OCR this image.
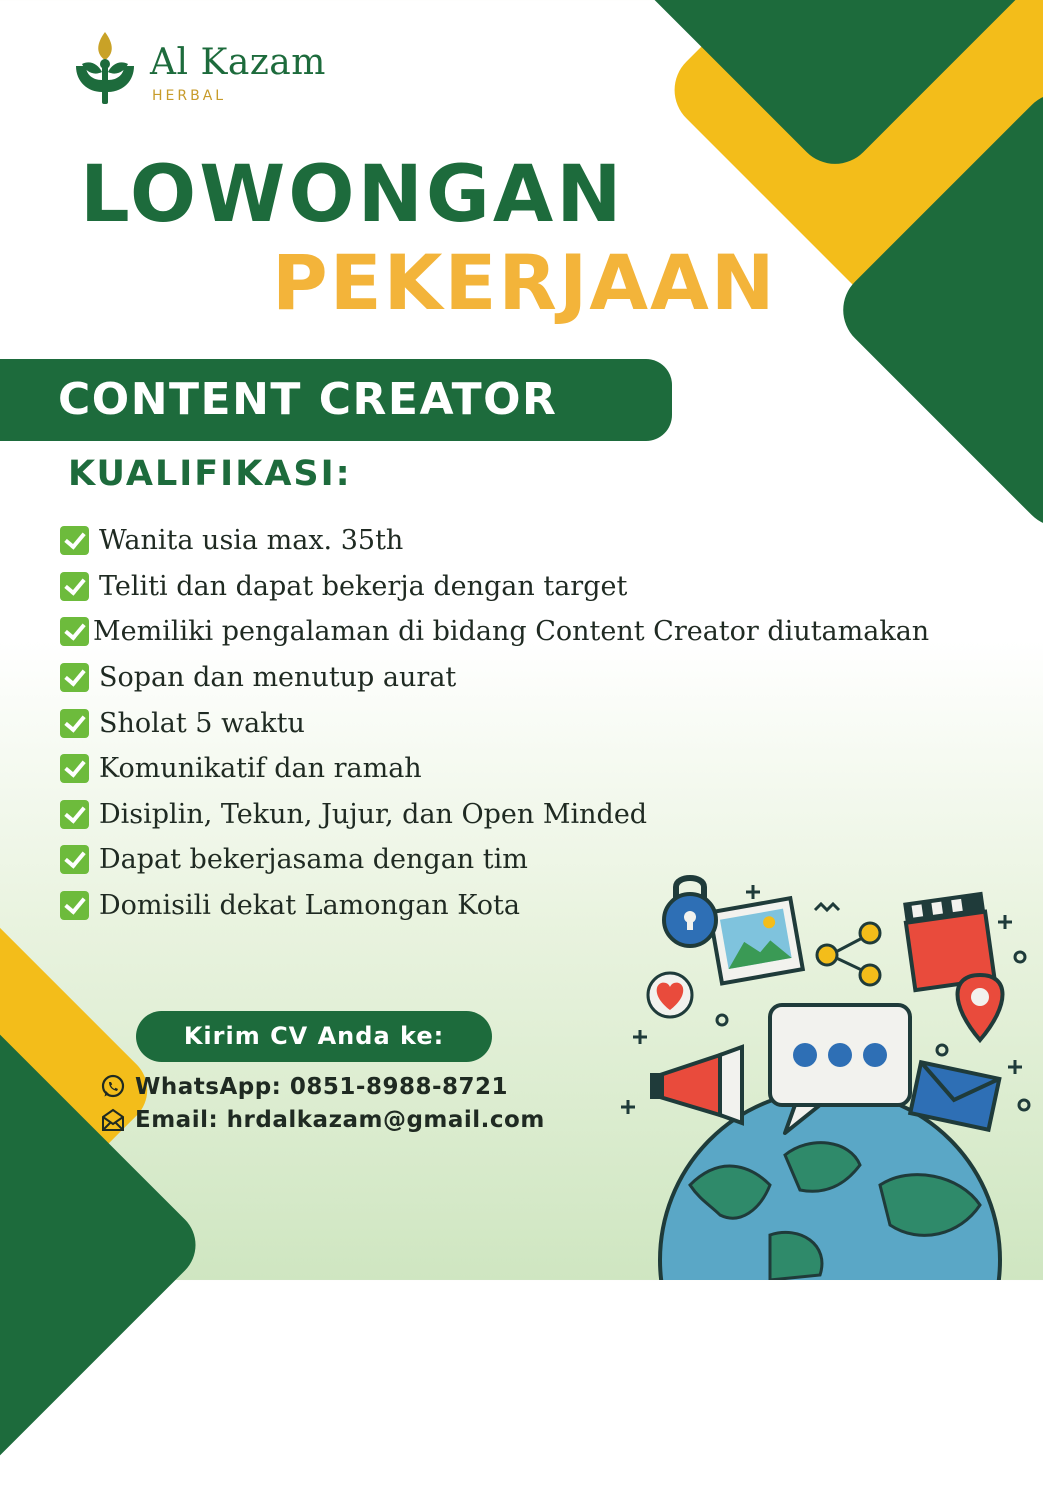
Al Kazam
HERBAL
LOWONGAN
PEKERJAAN
CONTENT CREATOR
KUALIFIKASI:
Wanita usia max. 35th
Teliti dan dapat bekerja dengan target
Memiliki pengalaman di bidang Content Creator diutamakan
Sopan dan menutup aurat
Sholat 5 waktu
Komunikatif dan ramah
Disiplin, Tekun, Jujur, dan Open Minded
Dapat bekerjasama dengan tim
Domisili dekat Lamongan Kota
Kirim CV Anda ke:
WhatsApp: 0851-8988-8721
Email: hrdalkazam@gmail.com
